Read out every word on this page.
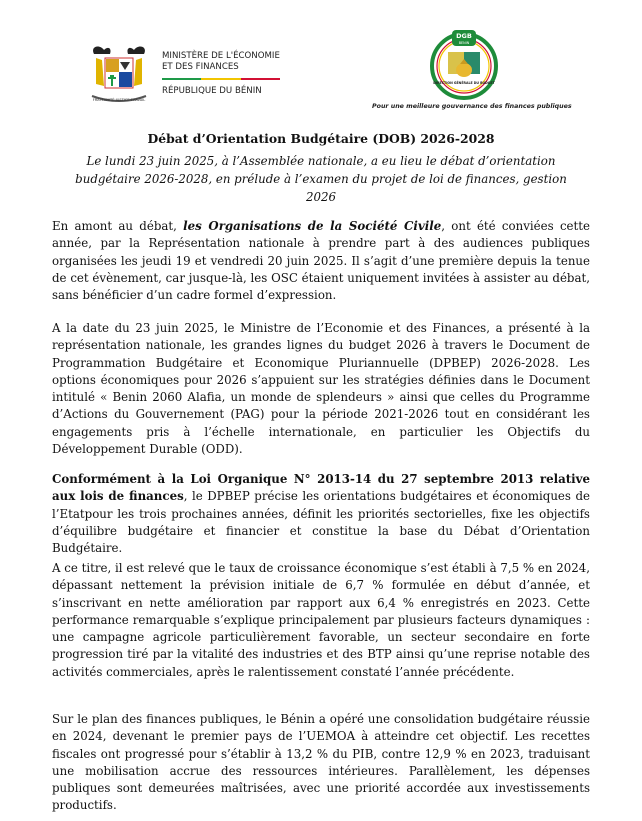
FRATERNITÉ JUSTICE TRAVAIL
MINISTÈRE DE L'ÉCONOMIE
ET DES FINANCES
RÉPUBLIQUE DU BÉNIN
DGB
BENIN
DIRECTION GÉNÉRALE DU BUDGET
Pour une meilleure gouvernance des finances publiques
Débat d’Orientation Budgétaire (DOB) 2026-2028
Le lundi 23 juin 2025, à l’Assemblée nationale, a eu lieu le débat d’orientation budgétaire 2026-2028, en prélude à l’examen du projet de loi de finances, gestion 2026
En amont au débat, les Organisations de la Société Civile, ont été conviées cette année, par la Représentation nationale à prendre part à des audiences publiques organisées les jeudi 19 et vendredi 20 juin 2025. Il s’agit d’une première depuis la tenue de cet évènement, car jusque-là, les OSC étaient uniquement invitées à assister au débat, sans bénéficier d’un cadre formel d’expression.
A la date du 23 juin 2025, le Ministre de l’Economie et des Finances, a présenté à la représentation nationale, les grandes lignes du budget 2026 à travers le Document de Programmation Budgétaire et Economique Pluriannuelle (DPBEP) 2026-2028. Les options économiques pour 2026 s’appuient sur les stratégies définies dans le Document intitulé « Benin 2060 Alafia, un monde de splendeurs » ainsi que celles du Programme d’Actions du Gouvernement (PAG) pour la période 2021-2026 tout en considérant les engagements pris à l’échelle internationale, en particulier les Objectifs du Développement Durable (ODD).
Conformément à la Loi Organique N° 2013-14 du 27 septembre 2013 relative aux lois de finances, le DPBEP précise les orientations budgétaires et économiques de l’Etatpour les trois prochaines années, définit les priorités sectorielles, fixe les objectifs d’équilibre budgétaire et financier et constitue la base du Débat d’Orientation Budgétaire.
A ce titre, il est relevé que le taux de croissance économique s’est établi à 7,5 % en 2024, dépassant nettement la prévision initiale de 6,7 % formulée en début d’année, et s’inscrivant en nette amélioration par rapport aux 6,4 % enregistrés en 2023. Cette performance remarquable s’explique principalement par plusieurs facteurs dynamiques : une campagne agricole particulièrement favorable, un secteur secondaire en forte progression tiré par la vitalité des industries et des BTP ainsi qu’une reprise notable des activités commerciales, après le ralentissement constaté l’année précédente.
Sur le plan des finances publiques, le Bénin a opéré une consolidation budgétaire réussie en 2024, devenant le premier pays de l’UEMOA à atteindre cet objectif. Les recettes fiscales ont progressé pour s’établir à 13,2 % du PIB, contre 12,9 % en 2023, traduisant une mobilisation accrue des ressources intérieures. Parallèlement, les dépenses publiques sont demeurées maîtrisées, avec une priorité accordée aux investissements productifs.
